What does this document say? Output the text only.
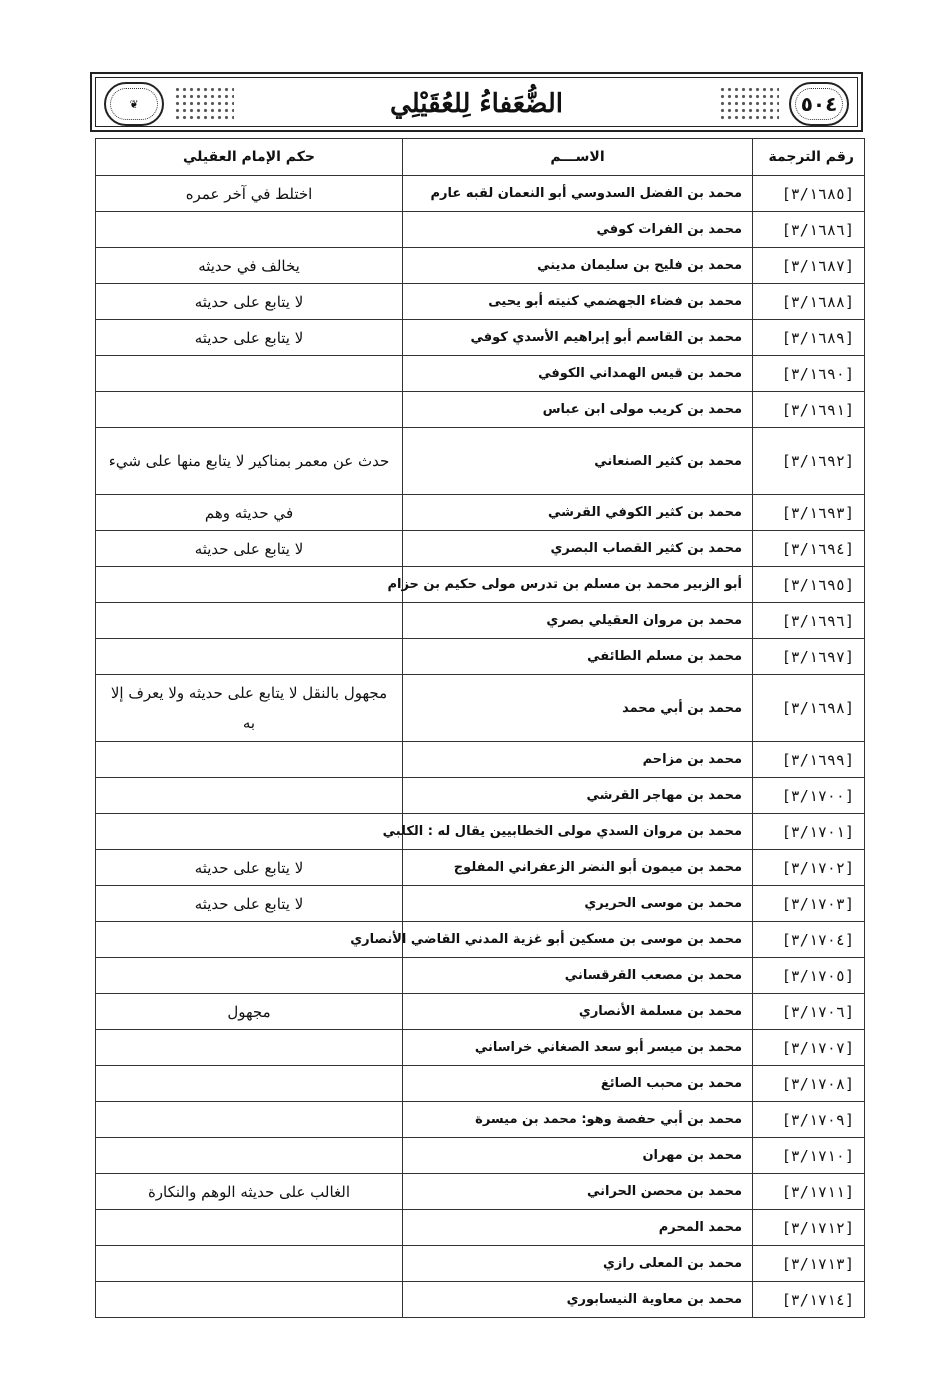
٥٠٤
الضُّعَفاءُ لِلعُقَيْلِي
❦
رقم الترجمة	الاســـم	حكم الإمام العقيلي
[٣/١٦٨٥]	محمد بن الفضل السدوسي أبو النعمان لقبه عارم	اختلط في آخر عمره
[٣/١٦٨٦]	محمد بن الفرات كوفي	
[٣/١٦٨٧]	محمد بن فليح بن سليمان مديني	يخالف في حديثه
[٣/١٦٨٨]	محمد بن فضاء الجهضمي كنيته أبو يحيى	لا يتابع على حديثه
[٣/١٦٨٩]	محمد بن القاسم أبو إبراهيم الأسدي كوفي	لا يتابع على حديثه
[٣/١٦٩٠]	محمد بن قيس الهمداني الكوفي	
[٣/١٦٩١]	محمد بن كريب مولى ابن عباس	
[٣/١٦٩٢]	محمد بن كثير الصنعاني	حدث عن معمر بمناكير لا يتابع منها على شيء
[٣/١٦٩٣]	محمد بن كثير الكوفي القرشي	في حديثه وهم
[٣/١٦٩٤]	محمد بن كثير القصاب البصري	لا يتابع على حديثه
[٣/١٦٩٥]	أبو الزبير محمد بن مسلم بن تدرس مولى حكيم بن حزام	
[٣/١٦٩٦]	محمد بن مروان العقيلي بصري	
[٣/١٦٩٧]	محمد بن مسلم الطائفي	
[٣/١٦٩٨]	محمد بن أبي محمد	مجهول بالنقل لا يتابع على حديثه ولا يعرف إلا به
[٣/١٦٩٩]	محمد بن مزاحم	
[٣/١٧٠٠]	محمد بن مهاجر القرشي	
[٣/١٧٠١]	محمد بن مروان السدي مولى الخطابيين يقال له : الكلبي	
[٣/١٧٠٢]	محمد بن ميمون أبو النضر الزعفراني المفلوج	لا يتابع على حديثه
[٣/١٧٠٣]	محمد بن موسى الحريري	لا يتابع على حديثه
[٣/١٧٠٤]	محمد بن موسى بن مسكين أبو غزية المدني القاضي الأنصاري	
[٣/١٧٠٥]	محمد بن مصعب القرقساني	
[٣/١٧٠٦]	محمد بن مسلمة الأنصاري	مجهول
[٣/١٧٠٧]	محمد بن ميسر أبو سعد الصغاني خراساني	
[٣/١٧٠٨]	محمد بن محبب الصائغ	
[٣/١٧٠٩]	محمد بن أبي حفصة وهو: محمد بن ميسرة	
[٣/١٧١٠]	محمد بن مهران	
[٣/١٧١١]	محمد بن محصن الحراني	الغالب على حديثه الوهم والنكارة
[٣/١٧١٢]	محمد المحرم	
[٣/١٧١٣]	محمد بن المعلى رازي	
[٣/١٧١٤]	محمد بن معاوية النيسابوري	
